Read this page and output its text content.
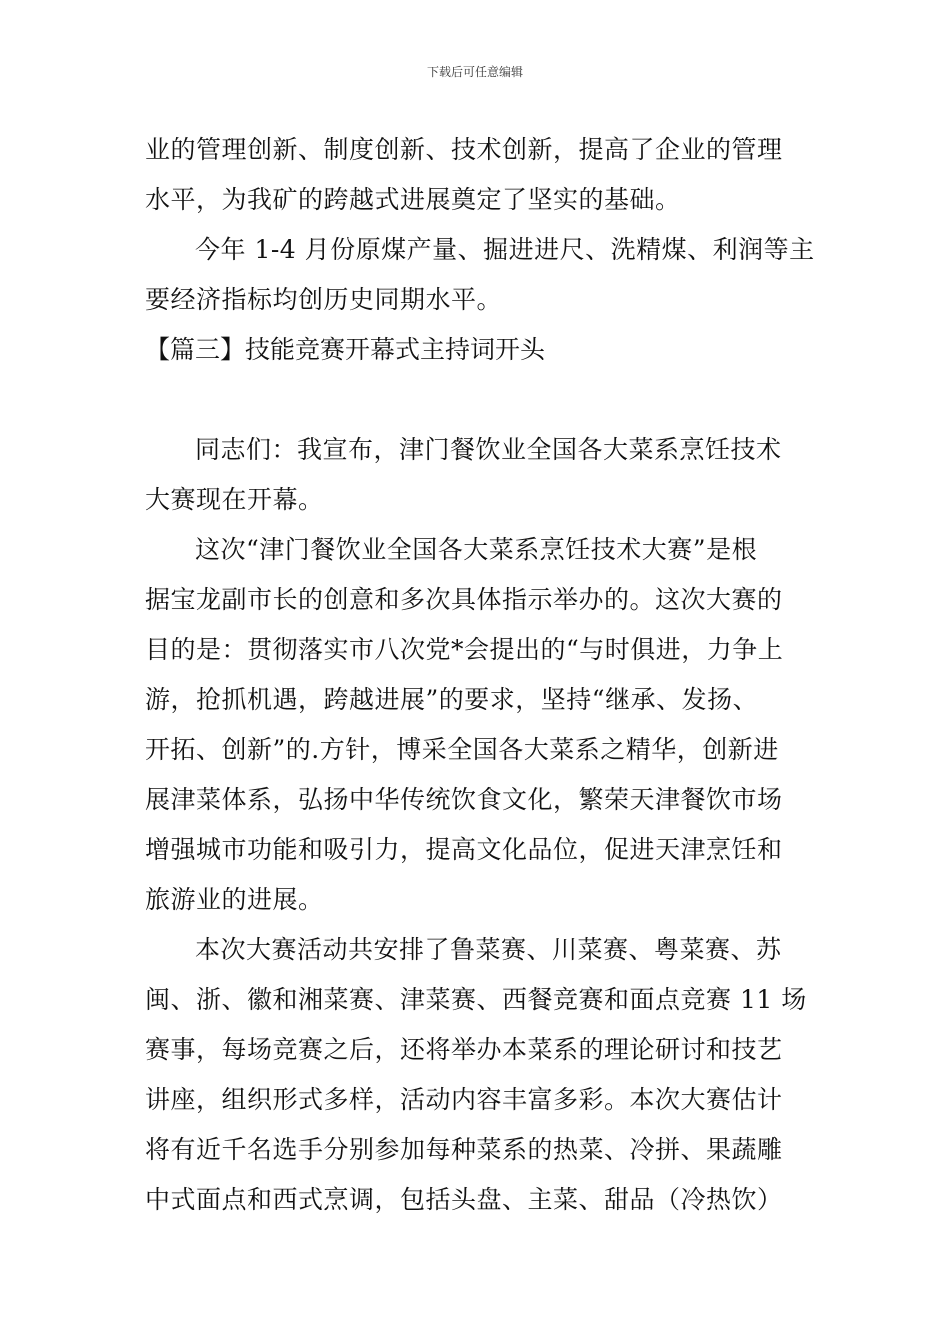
下载后可任意编辑
业的管理创新、制度创新、技术创新，提高了企业的管理
水平，为我矿的跨越式进展奠定了坚实的基础。
今年 1-4 月份原煤产量、掘进进尺、洗精煤、利润等主
要经济指标均创历史同期水平。
【篇三】技能竞赛开幕式主持词开头
同志们：我宣布，津门餐饮业全国各大菜系烹饪技术
大赛现在开幕。
这次“津门餐饮业全国各大菜系烹饪技术大赛”是根
据宝龙副市长的创意和多次具体指示举办的。这次大赛的
目的是：贯彻落实市八次党*会提出的“与时俱进，力争上
游，抢抓机遇，跨越进展”的要求，坚持“继承、发扬、
开拓、创新”的.方针，博采全国各大菜系之精华，创新进
展津菜体系，弘扬中华传统饮食文化，繁荣天津餐饮市场
增强城市功能和吸引力，提高文化品位，促进天津烹饪和
旅游业的进展。
本次大赛活动共安排了鲁菜赛、川菜赛、粤菜赛、苏
闽、浙、徽和湘菜赛、津菜赛、西餐竞赛和面点竞赛 11 场
赛事，每场竞赛之后，还将举办本菜系的理论研讨和技艺
讲座，组织形式多样，活动内容丰富多彩。本次大赛估计
将有近千名选手分别参加每种菜系的热菜、冷拼、果蔬雕
中式面点和西式烹调，包括头盘、主菜、甜品（冷热饮）
